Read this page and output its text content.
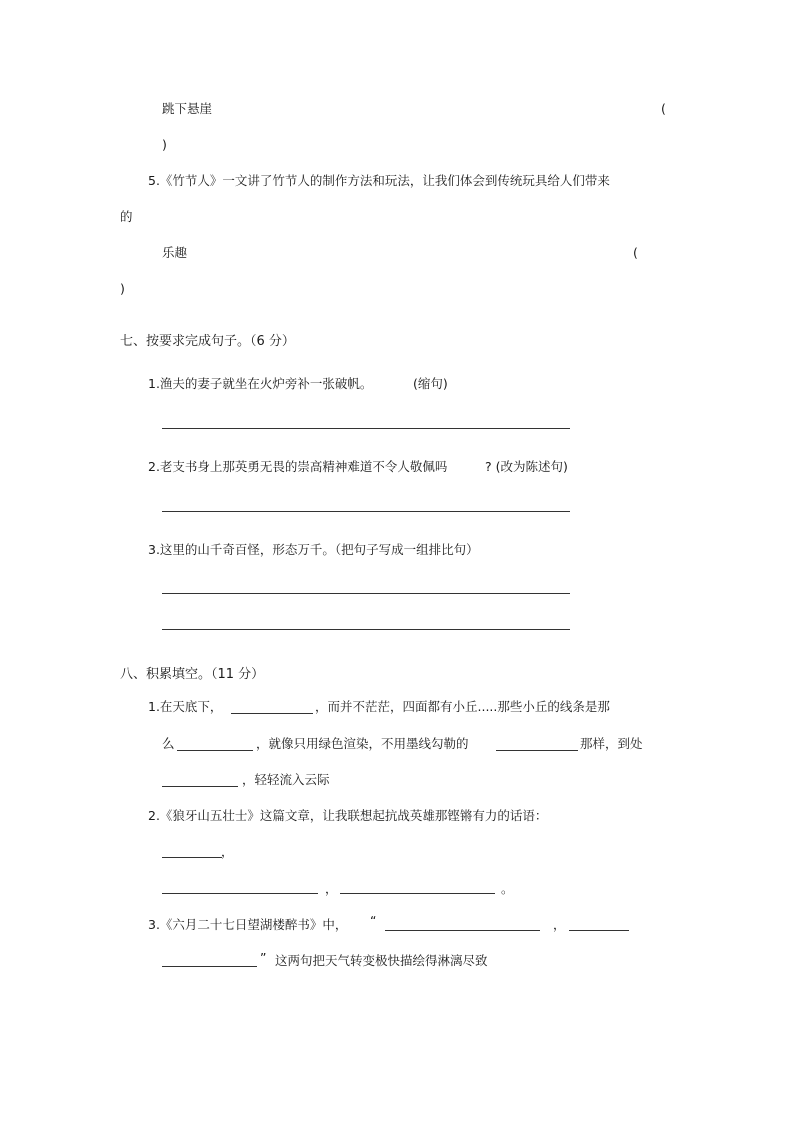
跳下悬崖	(
)
5.《竹节人》一文讲了竹节人的制作方法和玩法，让我们体会到传统玩具给人们带来
的
乐趣	(
)
七、按要求完成句子。（6 分）
1.渔夫的妻子就坐在火炉旁补一张破帆。	(缩句)
2.老支书身上那英勇无畏的崇高精神难道不令人敬佩吗	? (改为陈述句)
3.这里的山千奇百怪，形态万千。（把句子写成一组排比句）
八、积累填空。（11 分）
1.在天底下，	，而并不茫茫，四面都有小丘.....那些小丘的线条是那
么	，就像只用绿色渲染，不用墨线勾勒的	那样，到处
，轻轻流入云际
2.《狼牙山五壮士》这篇文章，让我联想起抗战英雄那铿锵有力的话语：
，
，	。
3.《六月二十七日望湖楼醉书》中， “	，
” 这两句把天气转变极快描绘得淋漓尽致
